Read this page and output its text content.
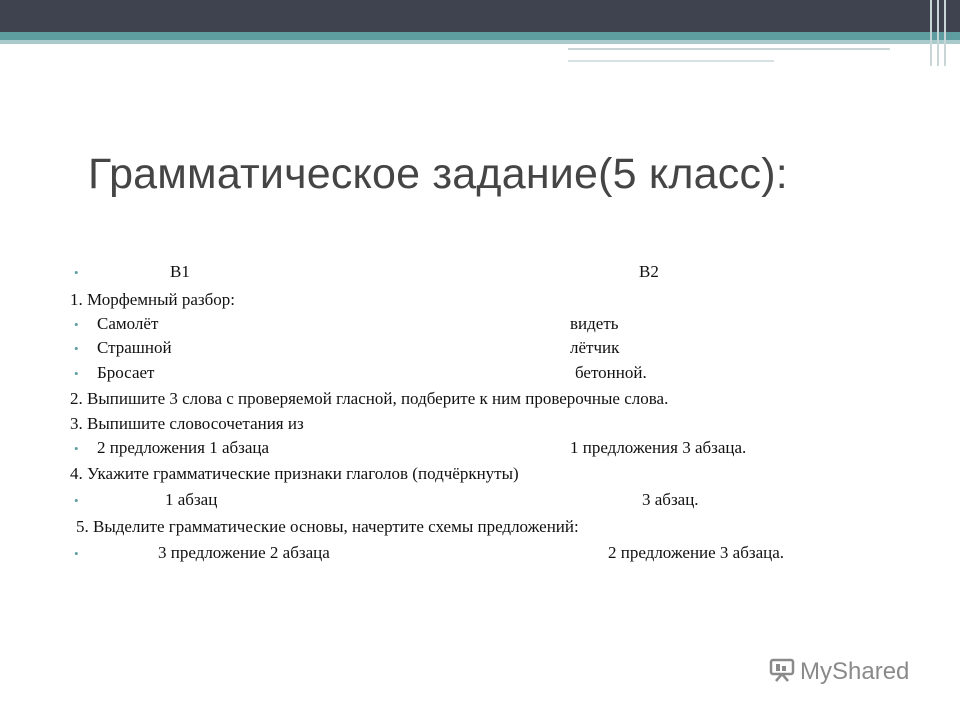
Грамматическое задание(5 класс):
•	В1	В2
1. Морфемный разбор:
• Самолёт	видеть
• Страшной	лётчик
• Бросает	бетонной.
2. Выпишите 3 слова с проверяемой гласной, подберите к ним проверочные слова.
3. Выпишите словосочетания из
• 2 предложения 1 абзаца	1 предложения 3 абзаца.
4. Укажите грамматические признаки глаголов (подчёркнуты)
•	1 абзац	3 абзац.
5. Выделите грамматические основы, начертите схемы предложений:
•	3 предложение 2 абзаца	2 предложение 3 абзаца.
MyShared
